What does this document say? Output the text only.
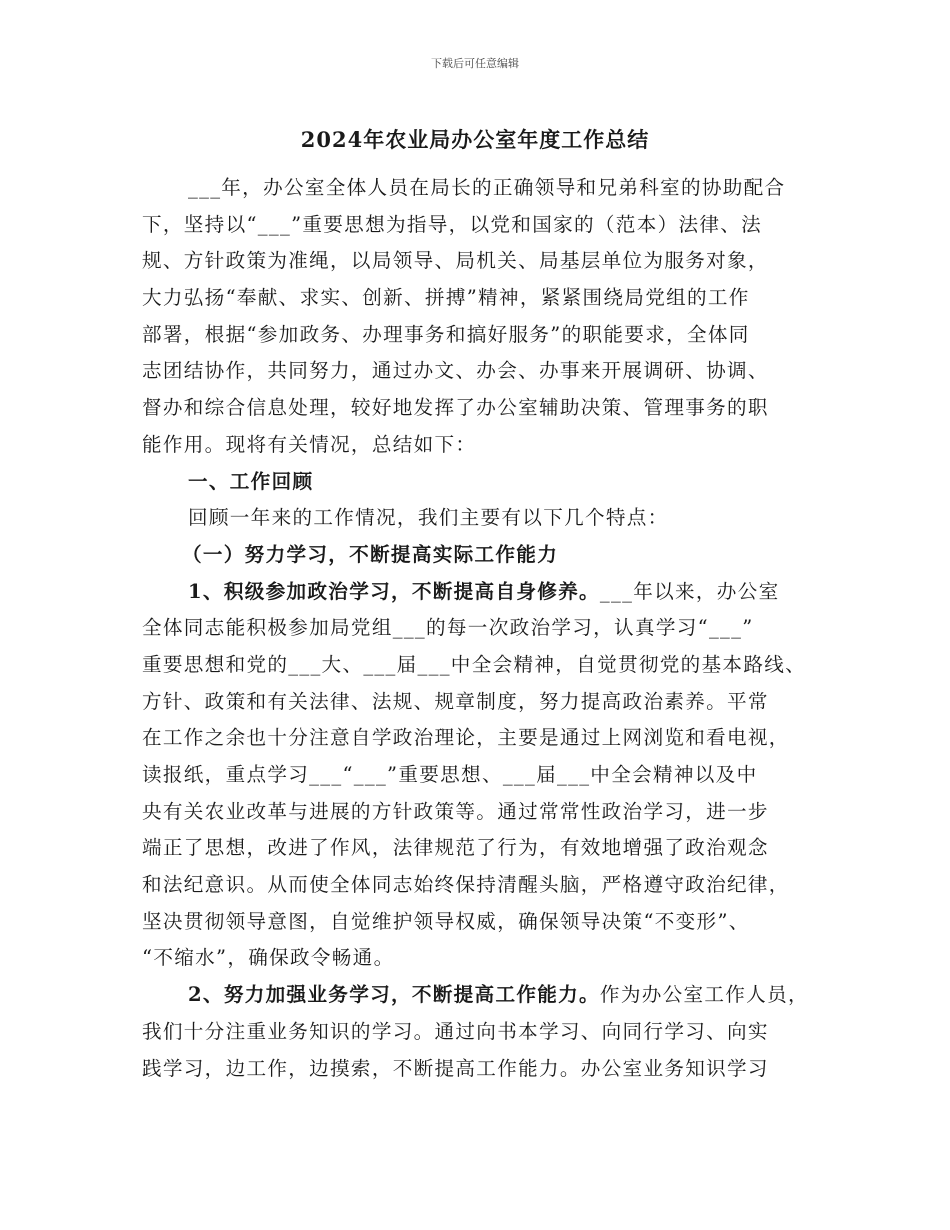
下载后可任意编辑
2024年农业局办公室年度工作总结
___年，办公室全体人员在局长的正确领导和兄弟科室的协助配合
下，坚持以“___”重要思想为指导，以党和国家的（范本）法律、法
规、方针政策为准绳，以局领导、局机关、局基层单位为服务对象，
大力弘扬“奉献、求实、创新、拼搏”精神，紧紧围绕局党组的工作
部署，根据“参加政务、办理事务和搞好服务”的职能要求，全体同
志团结协作，共同努力，通过办文、办会、办事来开展调研、协调、
督办和综合信息处理，较好地发挥了办公室辅助决策、管理事务的职
能作用。现将有关情况，总结如下：
一、工作回顾
回顾一年来的工作情况，我们主要有以下几个特点：
（一）努力学习，不断提高实际工作能力
1、积级参加政治学习，不断提高自身修养。___年以来，办公室
全体同志能积极参加局党组___的每一次政治学习，认真学习“___”
重要思想和党的___大、___届___中全会精神，自觉贯彻党的基本路线、
方针、政策和有关法律、法规、规章制度，努力提高政治素养。平常
在工作之余也十分注意自学政治理论，主要是通过上网浏览和看电视，
读报纸，重点学习___“___”重要思想、___届___中全会精神以及中
央有关农业改革与进展的方针政策等。通过常常性政治学习，进一步
端正了思想，改进了作风，法律规范了行为，有效地增强了政治观念
和法纪意识。从而使全体同志始终保持清醒头脑，严格遵守政治纪律，
坚决贯彻领导意图，自觉维护领导权威，确保领导决策“不变形”、
“不缩水”，确保政令畅通。
2、努力加强业务学习，不断提高工作能力。作为办公室工作人员，
我们十分注重业务知识的学习。通过向书本学习、向同行学习、向实
践学习，边工作，边摸索，不断提高工作能力。办公室业务知识学习
